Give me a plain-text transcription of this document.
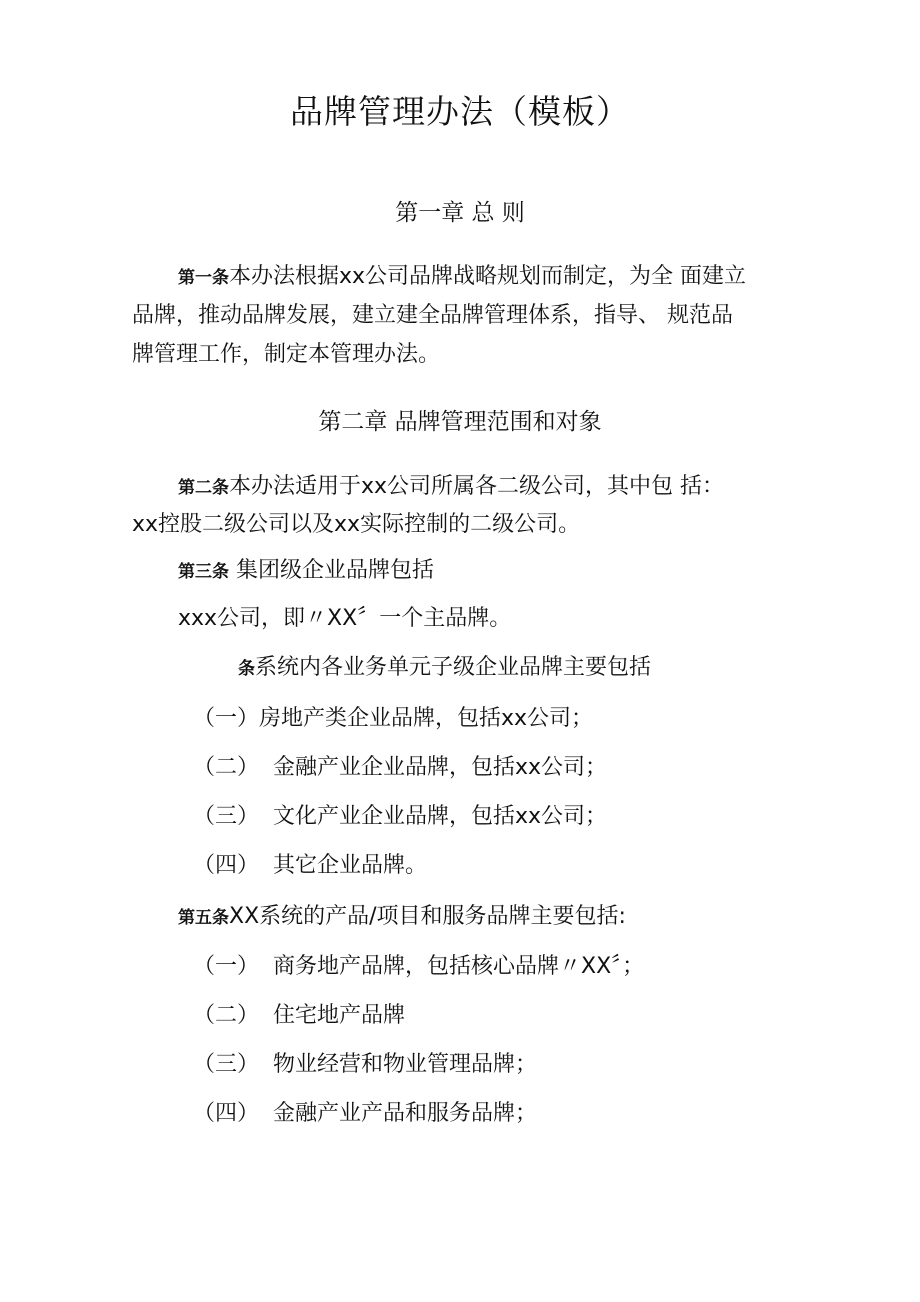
品牌管理办法（模板）
第一章 总 则
第一条本办法根据xx公司品牌战略规划而制定，为全 面建立
品牌，推动品牌发展，建立建全品牌管理体系，指导、 规范品
牌管理工作，制定本管理办法。
第二章 品牌管理范围和对象
第二条本办法适用于xx公司所属各二级公司，其中包 括：
xx控股二级公司以及xx实际控制的二级公司。
第三条 集团级企业品牌包括
xxx公司，即〃XX〞一个主品牌。
条系统内各业务单元子级企业品牌主要包括
（一）房地产类企业品牌，包括xx公司；
（二） 金融产业企业品牌，包括xx公司；
（三） 文化产业企业品牌，包括xx公司；
（四） 其它企业品牌。
第五条XX系统的产品/项目和服务品牌主要包括:
（一） 商务地产品牌，包括核心品牌〃XX〞；
（二） 住宅地产品牌
（三） 物业经营和物业管理品牌；
（四） 金融产业产品和服务品牌；
